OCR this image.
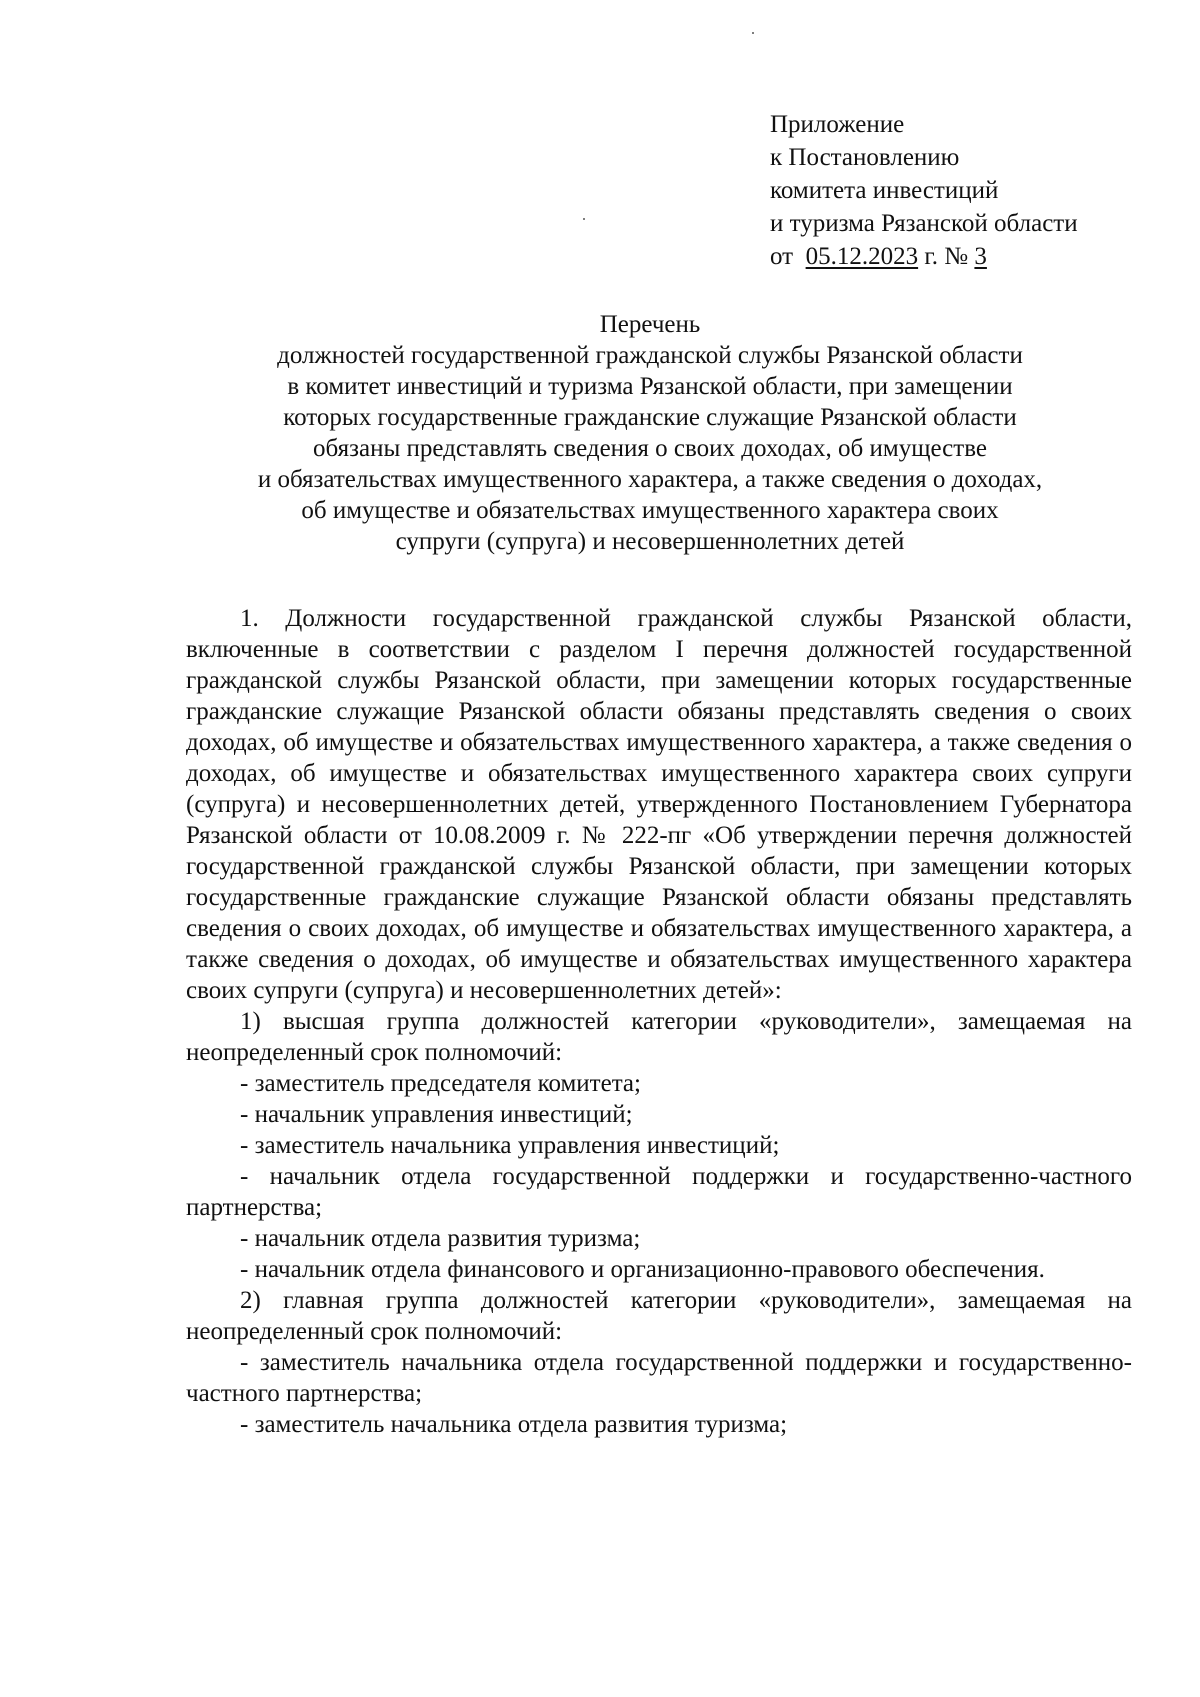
Приложение
к Постановлению
комитета инвестиций
и туризма Рязанской области
от 05.12.2023 г. № 3
Перечень
должностей государственной гражданской службы Рязанской области
в комитет инвестиций и туризма Рязанской области, при замещении
которых государственные гражданские служащие Рязанской области
обязаны представлять сведения о своих доходах, об имуществе
и обязательствах имущественного характера, а также сведения о доходах,
об имуществе и обязательствах имущественного характера своих
супруги (супруга) и несовершеннолетних детей

1. Должности государственной гражданской службы Рязанской области, включенные в соответствии с разделом I перечня должностей государственной гражданской службы Рязанской области, при замещении которых государственные гражданские служащие Рязанской области обязаны представлять сведения о своих доходах, об имуществе и обязательствах имущественного характера, а также сведения о доходах, об имуществе и обязательствах имущественного характера своих супруги (супруга) и несовершеннолетних детей, утвержденного Постановлением Губернатора Рязанской области от 10.08.2009 г. № 222-пг «Об утверждении перечня должностей государственной гражданской службы Рязанской области, при замещении которых государственные гражданские служащие Рязанской области обязаны представлять сведения о своих доходах, об имуществе и обязательствах имущественного характера, а также сведения о доходах, об имуществе и обязательствах имущественного характера своих супруги (супруга) и несовершеннолетних детей»:

1) высшая группа должностей категории «руководители», замещаемая на неопределенный срок полномочий:

- заместитель председателя комитета;
- начальник управления инвестиций;
- заместитель начальника управления инвестиций;

- начальник отдела государственной поддержки и государственно-частного партнерства;

- начальник отдела развития туризма;

- начальник отдела финансового и организационно-правового обеспечения.

2) главная группа должностей категории «руководители», замещаемая на неопределенный срок полномочий:

- заместитель начальника отдела государственной поддержки и государственно-частного партнерства;

- заместитель начальника отдела развития туризма;
